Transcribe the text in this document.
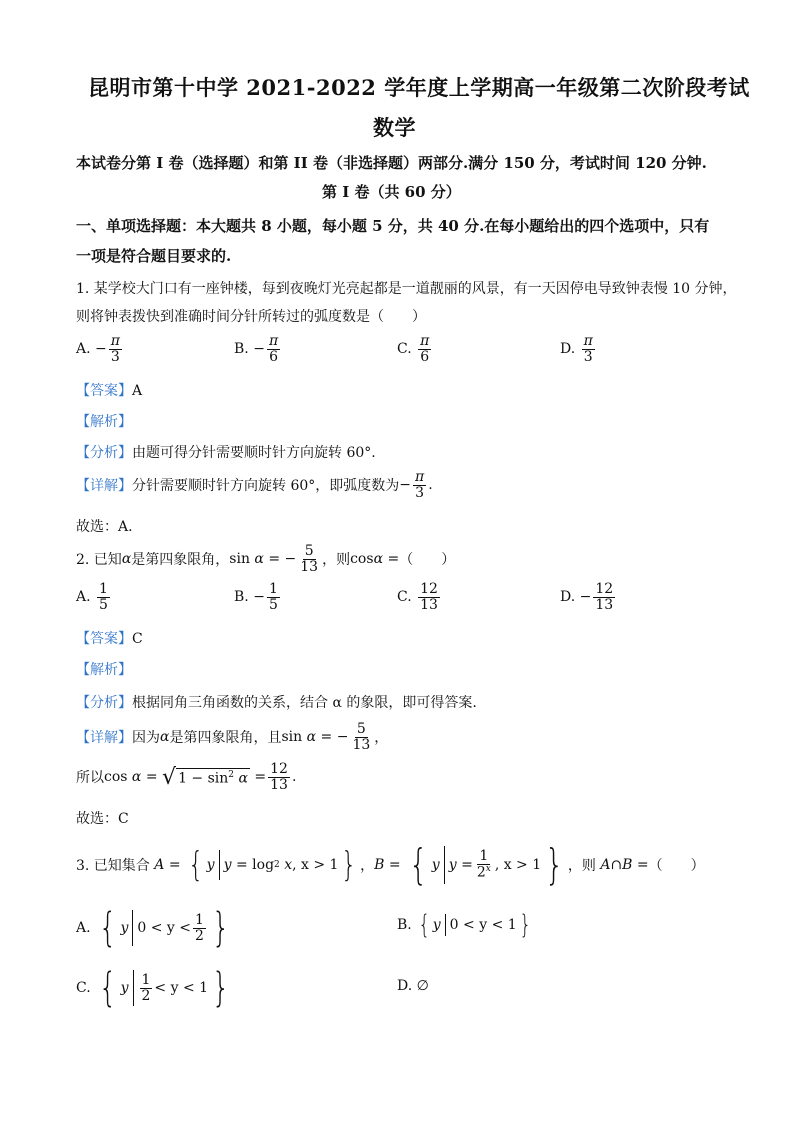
昆明市第十中学 2021-2022 学年度上学期高一年级第二次阶段考试
数学
本试卷分第 I 卷（选择题）和第 II 卷（非选择题）两部分.满分 150 分，考试时间 120 分钟.
第 I 卷（共 60 分）
一、单项选择题：本大题共 8 小题，每小题 5 分，共 40 分.在每小题给出的四个选项中，只有
一项是符合题目要求的.
1. 某学校大门口有一座钟楼，每到夜晚灯光亮起都是一道靓丽的风景，有一天因停电导致钟表慢 10 分钟，
则将钟表拨快到准确时间分针所转过的弧度数是（　　）
A.
− $\frac{\pi}{3}$	B.
− $\frac{\pi}{6}$	C.
$\frac{\pi}{6}$	D.
$\frac{\pi}{3}$
【答案】A
【解析】
【分析】由题可得分针需要顺时针方向旋转 60°.
【详解】 分针需要顺时针方向旋转 60°，即弧度数为 − $\frac{\pi}{3}$ .
故选：A.
2. 已知 α 是第四象限角， sin
α
=
− $\frac{5}{13}$ ，则 cos α
= （　　）
A.
$\frac{1}{5}$	B.
− $\frac{1}{5}$	C.
$\frac{12}{13}$	D.
− $\frac{12}{13}$
【答案】C
【解析】
【分析】根据同角三角函数的关系，结合 α 的象限，即可得答案.
【详解】 因为 α 是第四象限角，且 sin
α
=
− $\frac{5}{13}$ ，
所以 cos
α
=
√ $1 - \sin^2 \alpha$
= $\frac{12}{13}$ .
故选：C
3. 已知集合
A = { y y = log 2
x , x > 1 } ， B = { y $y = \frac{1}{2^x}$ , x > 1 } ，则
A∩B = （　　）
A.
{ y $0 < y < \frac{1}{2}$ }	B.
{ y 0 < y < 1 }
C.
{ y $\frac{1}{2} < y < 1$ }	D.
∅
